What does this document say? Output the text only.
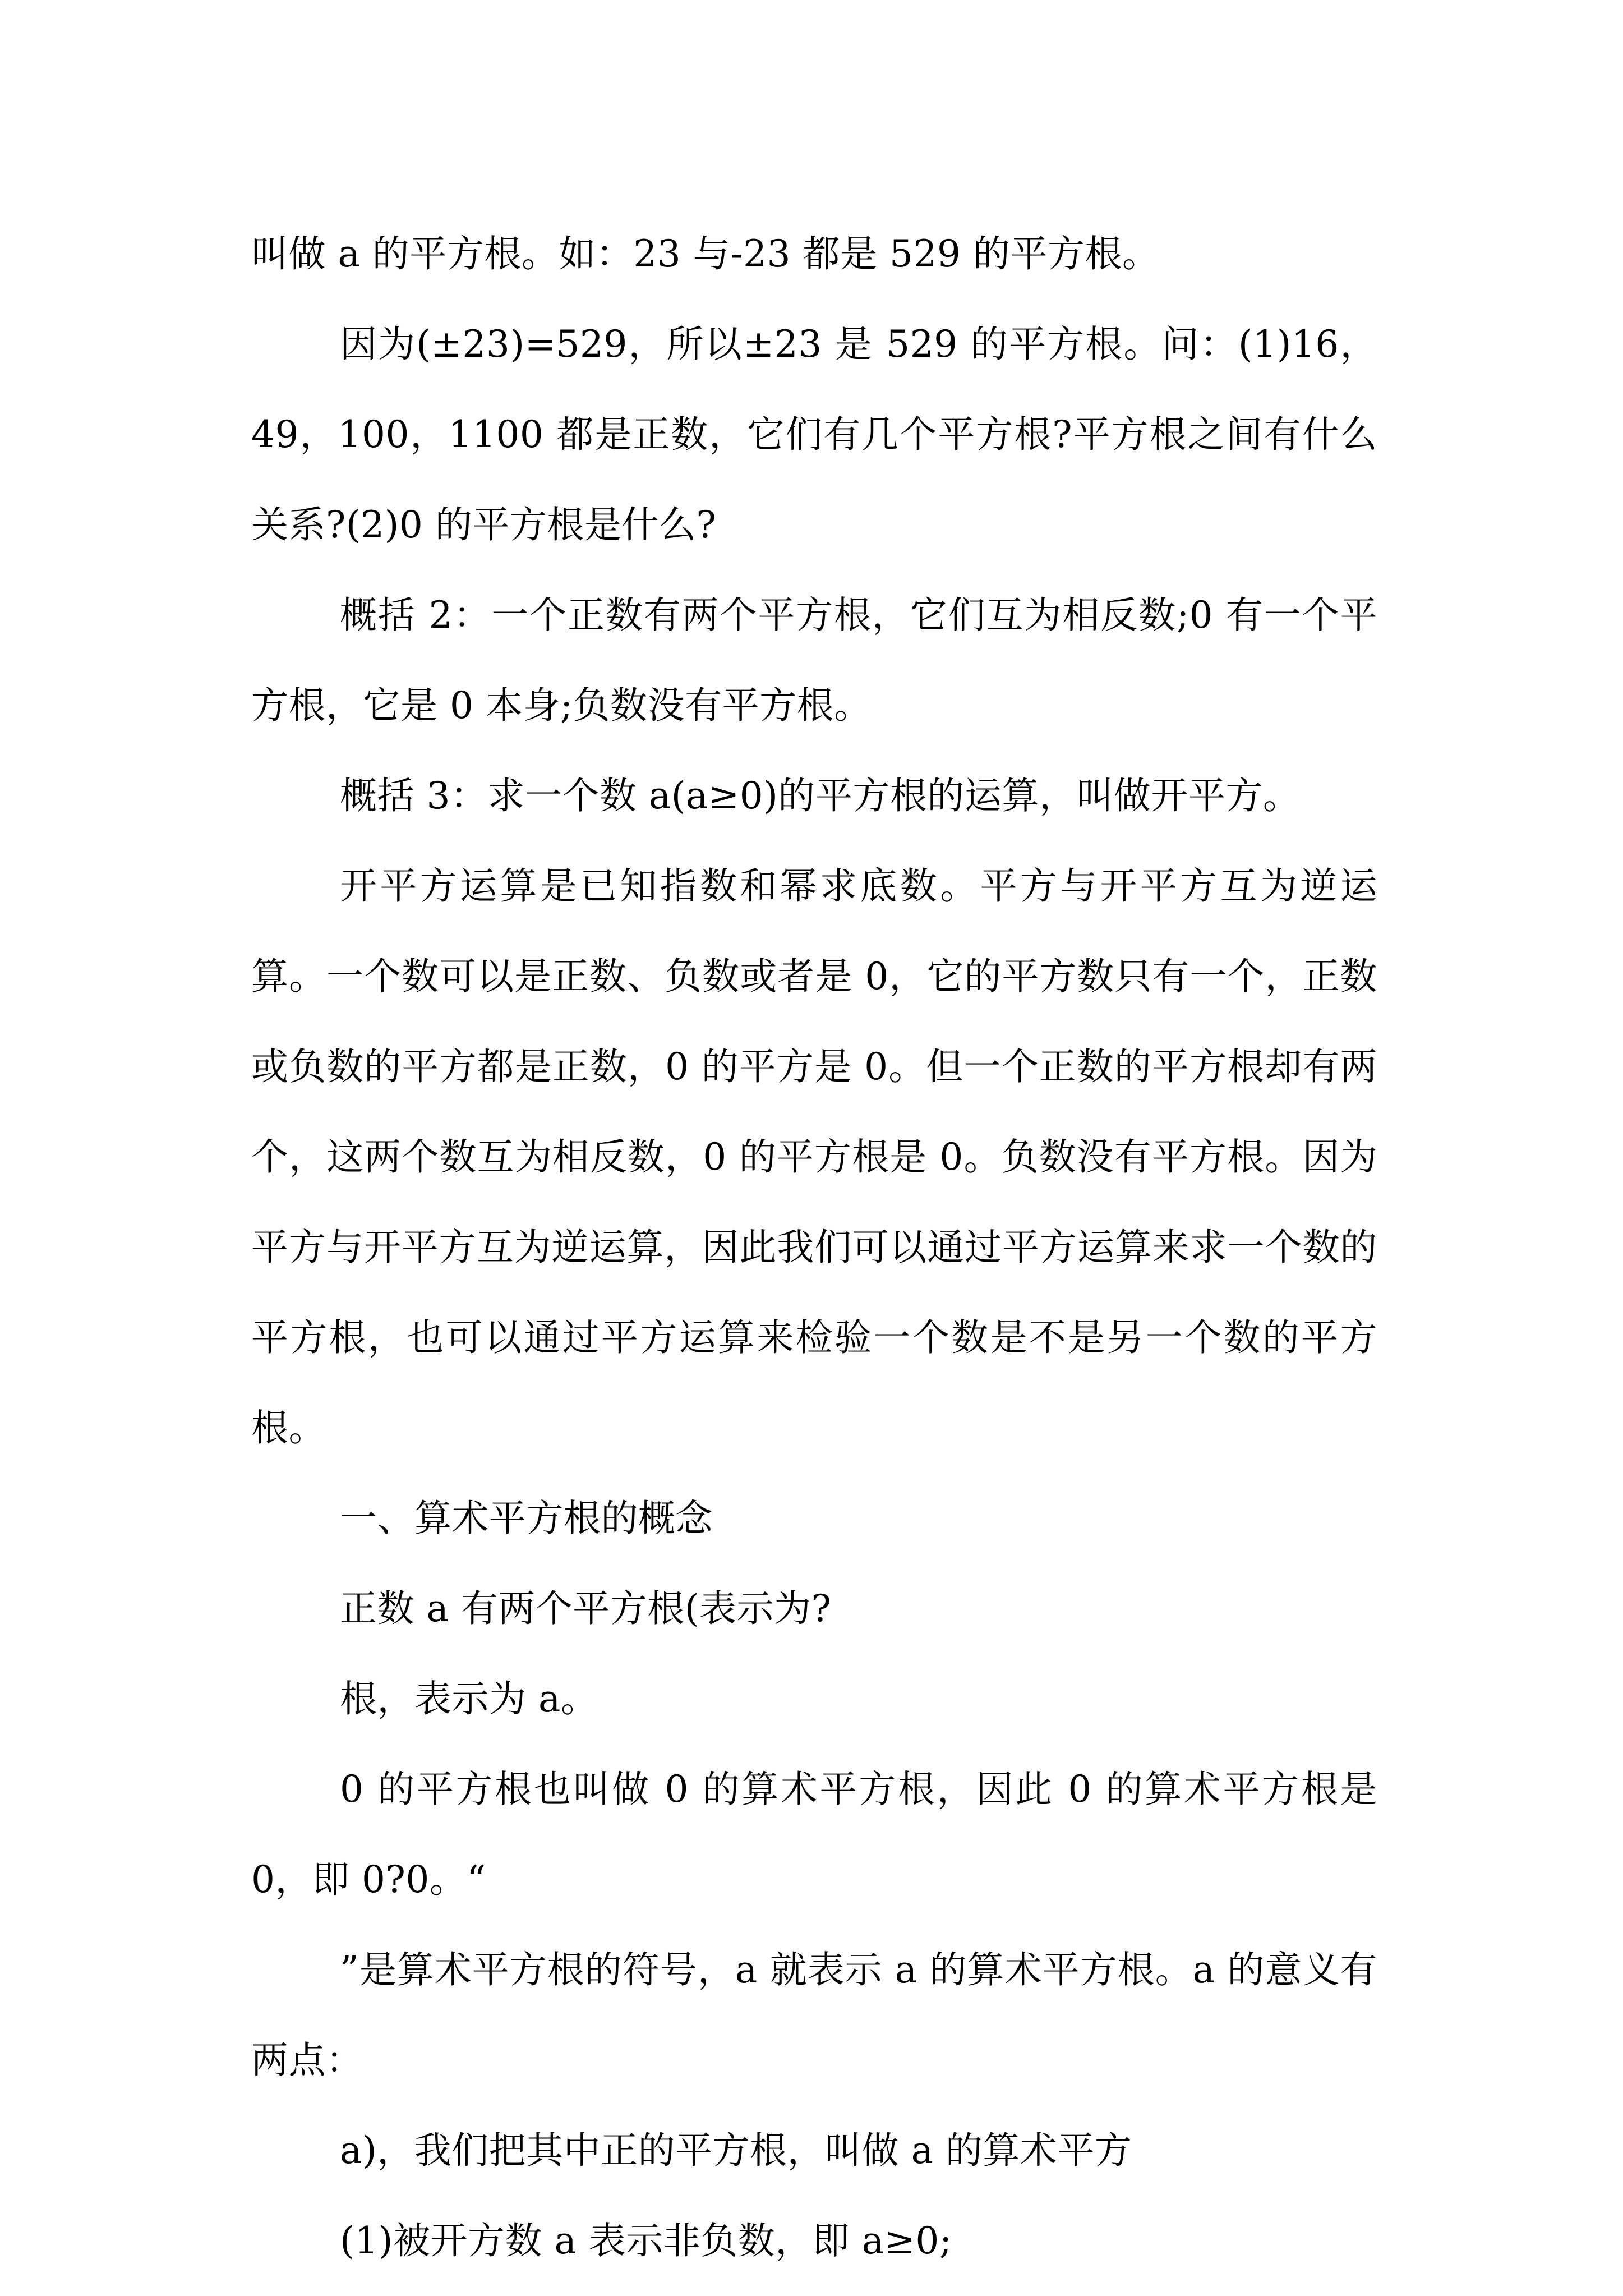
叫做 a 的平方根。如：23 与-23 都是 529 的平方根。

因为(±23)=529，所以±23 是 529 的平方根。问：(1)16，49，100，1100 都是正数，它们有几个平方根?平方根之间有什么关系?(2)0 的平方根是什么?

概括 2：一个正数有两个平方根，它们互为相反数;0 有一个平方根，它是 0 本身;负数没有平方根。

概括 3：求一个数 a(a≥0)的平方根的运算，叫做开平方。

开平方运算是已知指数和幂求底数。平方与开平方互为逆运算。一个数可以是正数、负数或者是 0，它的平方数只有一个，正数或负数的平方都是正数，0 的平方是 0。但一个正数的平方根却有两个，这两个数互为相反数，0 的平方根是 0。负数没有平方根。因为平方与开平方互为逆运算，因此我们可以通过平方运算来求一个数的平方根，也可以通过平方运算来检验一个数是不是另一个数的平方根。

一、算术平方根的概念

正数 a 有两个平方根(表示为?

根，表示为 a。

0 的平方根也叫做 0 的算术平方根，因此 0 的算术平方根是 0，即 0?0。“

”是算术平方根的符号，a 就表示 a 的算术平方根。a 的意义有两点：

a)，我们把其中正的平方根，叫做 a 的算术平方

(1)被开方数 a 表示非负数，即 a≥0;
